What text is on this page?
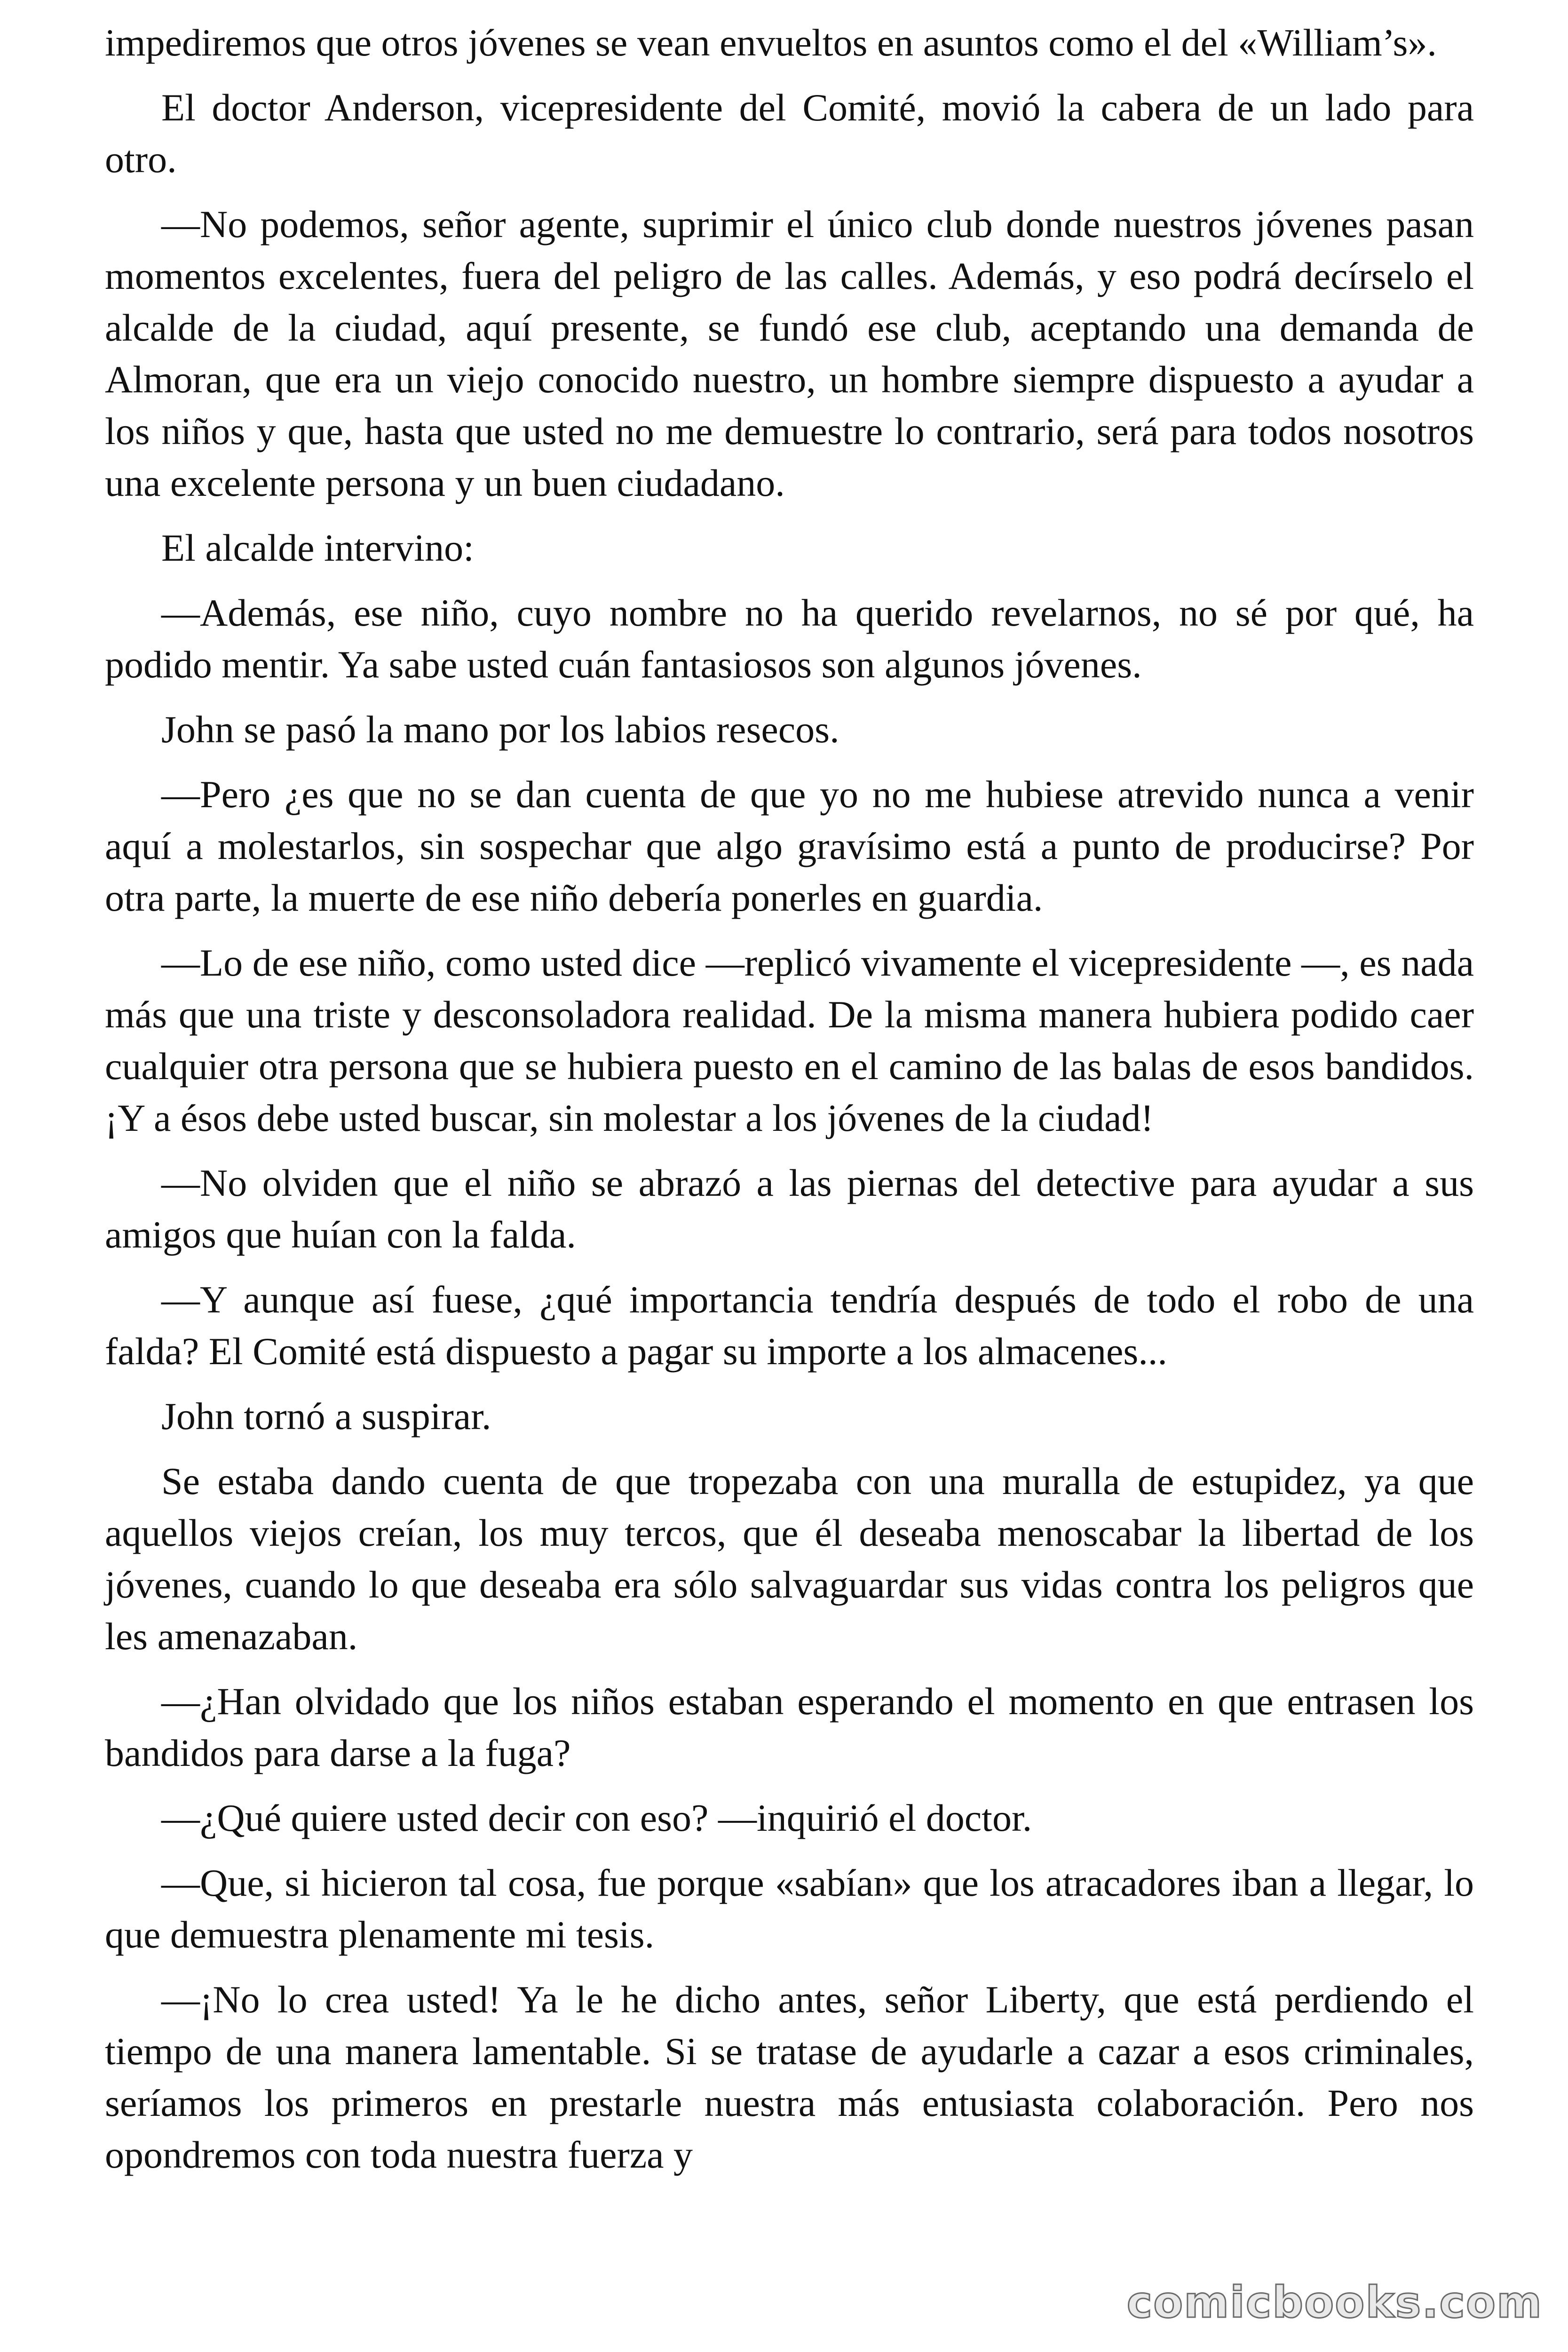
impediremos que otros jóvenes se vean envueltos en asuntos como el del «William’s».

El doctor Anderson, vicepresidente del Comité, movió la cabera de un lado para otro.

—No podemos, señor agente, suprimir el único club donde nuestros jóvenes pasan momentos excelentes, fuera del peligro de las calles. Además, y eso podrá decírselo el alcalde de la ciudad, aquí presente, se fundó ese club, aceptando una demanda de Almoran, que era un viejo conocido nuestro, un hombre siempre dispuesto a ayudar a los niños y que, hasta que usted no me demuestre lo contrario, será para todos nosotros una excelente persona y un buen ciudadano.

El alcalde intervino:

—Además, ese niño, cuyo nombre no ha querido revelarnos, no sé por qué, ha podido mentir. Ya sabe usted cuán fantasiosos son algunos jóvenes.

John se pasó la mano por los labios resecos.

—Pero ¿es que no se dan cuenta de que yo no me hubiese atrevido nunca a venir aquí a molestarlos, sin sospechar que algo gravísimo está a punto de producirse? Por otra parte, la muerte de ese niño debería ponerles en guardia.

—Lo de ese niño, como usted dice —replicó vivamente el vicepresidente —, es nada más que una triste y desconsoladora realidad. De la misma manera hubiera podido caer cualquier otra persona que se hubiera puesto en el camino de las balas de esos bandidos. ¡Y a ésos debe usted buscar, sin molestar a los jóvenes de la ciudad!

—No olviden que el niño se abrazó a las piernas del detective para ayudar a sus amigos que huían con la falda.

—Y aunque así fuese, ¿qué importancia tendría después de todo el robo de una falda? El Comité está dispuesto a pagar su importe a los almacenes...

John tornó a suspirar.

Se estaba dando cuenta de que tropezaba con una muralla de estupidez, ya que aquellos viejos creían, los muy tercos, que él deseaba menoscabar la libertad de los jóvenes, cuando lo que deseaba era sólo salvaguardar sus vidas contra los peligros que les amenazaban.

—¿Han olvidado que los niños estaban esperando el momento en que entrasen los bandidos para darse a la fuga?

—¿Qué quiere usted decir con eso? —inquirió el doctor.

—Que, si hicieron tal cosa, fue porque «sabían» que los atracadores iban a llegar, lo que demuestra plenamente mi tesis.

—¡No lo crea usted! Ya le he dicho antes, señor Liberty, que está perdiendo el tiempo de una manera lamentable. Si se tratase de ayudarle a cazar a esos criminales, seríamos los primeros en prestarle nuestra más entusiasta colaboración. Pero nos opondremos con toda nuestra fuerza y

comicbooks.com
